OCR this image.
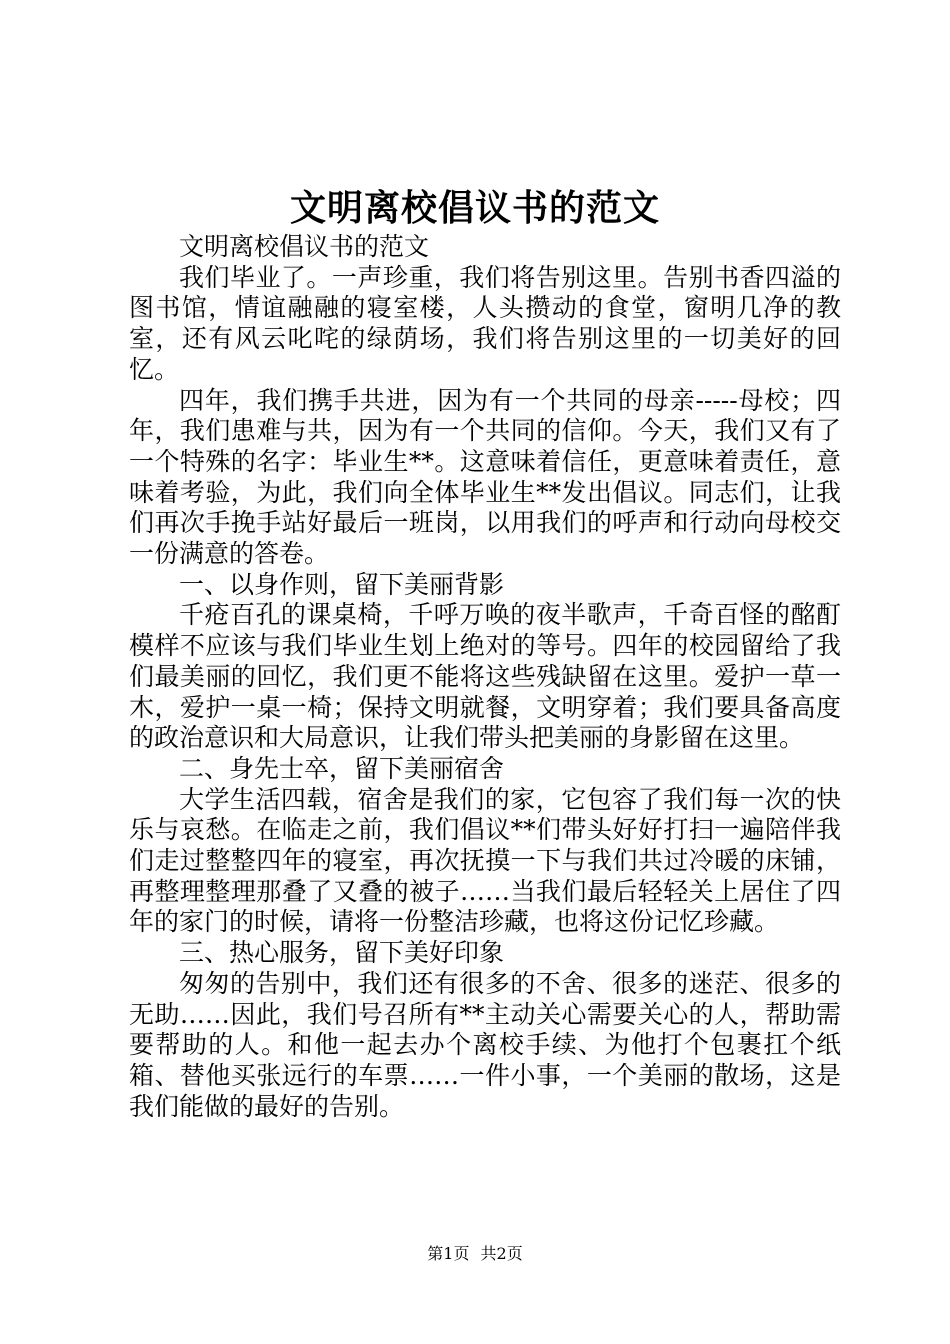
文明离校倡议书的范文

文明离校倡议书的范文

我们毕业了。一声珍重，我们将告别这里。告别书香四溢的图书馆，情谊融融的寝室楼，人头攒动的食堂，窗明几净的教室，还有风云叱咤的绿荫场，我们将告别这里的一切美好的回忆。

四年，我们携手共进，因为有一个共同的母亲-----母校；四年，我们患难与共，因为有一个共同的信仰。今天，我们又有了一个特殊的名字：毕业生**。这意味着信任，更意味着责任，意味着考验，为此，我们向全体毕业生**发出倡议。同志们，让我们再次手挽手站好最后一班岗，以用我们的呼声和行动向母校交一份满意的答卷。

一、以身作则，留下美丽背影

千疮百孔的课桌椅，千呼万唤的夜半歌声，千奇百怪的酩酊模样不应该与我们毕业生划上绝对的等号。四年的校园留给了我们最美丽的回忆，我们更不能将这些残缺留在这里。爱护一草一木，爱护一桌一椅；保持文明就餐，文明穿着；我们要具备高度的政治意识和大局意识，让我们带头把美丽的身影留在这里。

二、身先士卒，留下美丽宿舍

大学生活四载，宿舍是我们的家，它包容了我们每一次的快乐与哀愁。在临走之前，我们倡议**们带头好好打扫一遍陪伴我们走过整整四年的寝室，再次抚摸一下与我们共过冷暖的床铺，再整理整理那叠了又叠的被子……当我们最后轻轻关上居住了四年的家门的时候，请将一份整洁珍藏，也将这份记忆珍藏。

三、热心服务，留下美好印象

匆匆的告别中，我们还有很多的不舍、很多的迷茫、很多的无助……因此，我们号召所有**主动关心需要关心的人，帮助需要帮助的人。和他一起去办个离校手续、为他打个包裹扛个纸箱、替他买张远行的车票……一件小事，一个美丽的散场，这是我们能做的最好的告别。

第1页 共2页
